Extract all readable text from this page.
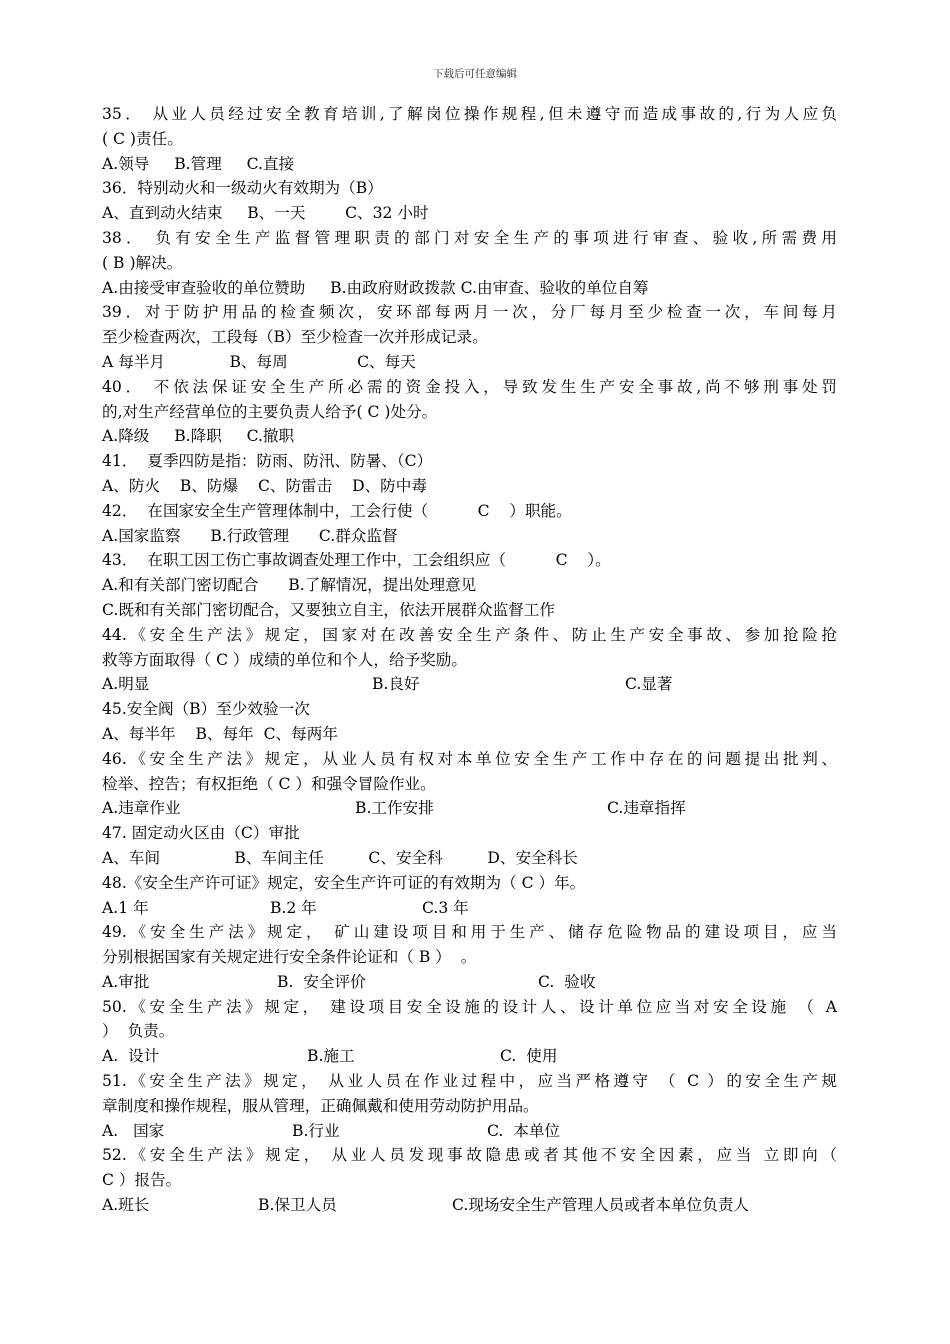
下载后可任意编辑
35． 从业人员经过安全教育培训,了解岗位操作规程,但未遵守而造成事故的,行为人应负
( C )责任。
A.领导     B.管理     C.直接
36．特别动火和一级动火有效期为（B）
A、直到动火结束     B、一天        C、32 小时
38． 负有安全生产监督管理职责的部门对安全生产的事项进行审查、验收,所需费用
( B )解决。
A.由接受审查验收的单位赞助     B.由政府财政拨款 C.由审查、验收的单位自筹
39．对于防护用品的检查频次，安环部每两月一次，分厂每月至少检查一次，车间每月
至少检查两次，工段每（B）至少检查一次并形成记录。
A 每半月             B、每周              C、每天
40． 不依法保证安全生产所必需的资金投入，导致发生生产安全事故,尚不够刑事处罚
的,对生产经营单位的主要负责人给予( C )处分。
A.降级     B.降职     C.撤职
41．  夏季四防是指：防雨、防汛、防暑、（C）
A、防火    B、防爆    C、防雷击    D、防中毒
42．  在国家安全生产管理体制中，工会行使（          C    ）职能。
A.国家监察      B.行政管理      C.群众监督
43．  在职工因工伤亡事故调查处理工作中，工会组织应（          C    ）。
A.和有关部门密切配合      B.了解情况，提出处理意见
C.既和有关部门密切配合，又要独立自主，依法开展群众监督工作
44.《安全生产法》规定，国家对在改善安全生产条件、防止生产安全事故、参加抢险抢
救等方面取得（ C ）成绩的单位和个人，给予奖励。
A.明显	B.良好	C.显著
45.安全阀（B）至少效验一次
A、每半年    B、每年  C、每两年
46.《安全生产法》规定，从业人员有权对本单位安全生产工作中存在的问题提出批判、
检举、控告；有权拒绝（ C ）和强令冒险作业。
A.违章作业	B.工作安排	C.违章指挥
47. 固定动火区由（C）审批
A、车间               B、车间主任         C、安全科         D、安全科长
48.《安全生产许可证》规定，安全生产许可证的有效期为（ C ）年。
A.1 年	B.2 年	C.3 年
49.《安全生产法》规定， 矿山建设项目和用于生产、储存危险物品的建设项目，应当
分别根据国家有关规定进行安全条件论证和（ B ）  。
A.审批	B.  安全评价	C.  验收
50.《安全生产法》规定， 建设项目安全设施的设计人、设计单位应当对安全设施 （ A
）  负责。
A.  设计	B.施工	C.  使用
51.《安全生产法》规定， 从业人员在作业过程中，应当严格遵守 （ C ）的安全生产规
章制度和操作规程，服从管理，正确佩戴和使用劳动防护用品。
A.   国家	B.行业	C.  本单位
52.《安全生产法》规定， 从业人员发现事故隐患或者其他不安全因素，应当 立即向（
C ）报告。
A.班长	B.保卫人员	C.现场安全生产管理人员或者本单位负责人
